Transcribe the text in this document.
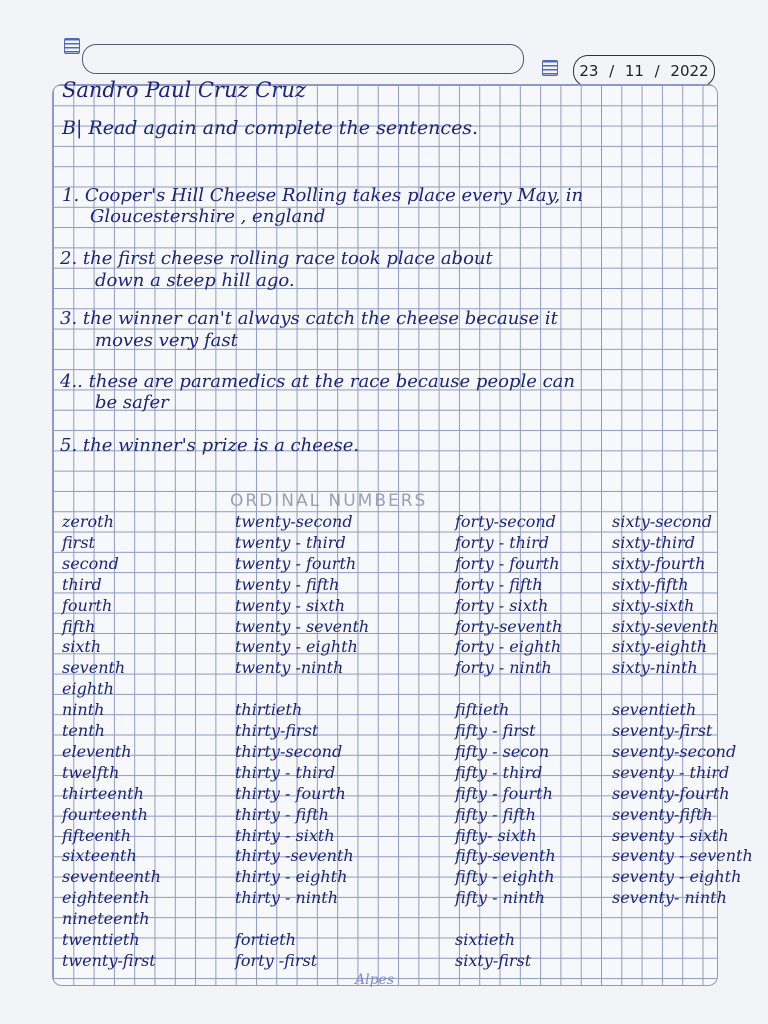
23 / 11 / 2022
Sandro Paul Cruz Cruz
B| Read again and complete the sentences.
1. Cooper's Hill Cheese Rolling takes place every May, in
Gloucestershire , england
2. the first cheese rolling race took place about
down a steep hill ago.
3. the winner can't always catch the cheese because it
moves very fast
4.. these are paramedics at the race because people can
be safer
5. the winner's prize is a cheese.
ORDINAL NUMBERS
zeroth
first
second
third
fourth
fifth
sixth
seventh
eighth
ninth
tenth
eleventh
twelfth
thirteenth
fourteenth
fifteenth
sixteenth
seventeenth
eighteenth
nineteenth
twentieth
twenty-first
twenty-second
twenty - third
twenty - fourth
twenty - fifth
twenty - sixth
twenty - seventh
twenty - eighth
twenty -ninth
thirtieth
thirty-first
thirty-second
thirty - third
thirty - fourth
thirty - fifth
thirty - sixth
thirty -seventh
thirty - eighth
thirty - ninth
fortieth
forty -first
forty-second
forty - third
forty - fourth
forty - fifth
forty - sixth
forty-seventh
forty - eighth
forty - ninth
fiftieth
fifty - first
fifty - secon
fifty - third
fifty - fourth
fifty - fifth
fifty- sixth
fifty-seventh
fifty - eighth
fifty - ninth
sixtieth
sixty-first
sixty-second
sixty-third
sixty-fourth
sixty-fifth
sixty-sixth
sixty-seventh
sixty-eighth
sixty-ninth
seventieth
seventy-first
seventy-second
seventy - third
seventy-fourth
seventy-fifth
seventy - sixth
seventy - seventh
seventy - eighth
seventy- ninth
Alpes
